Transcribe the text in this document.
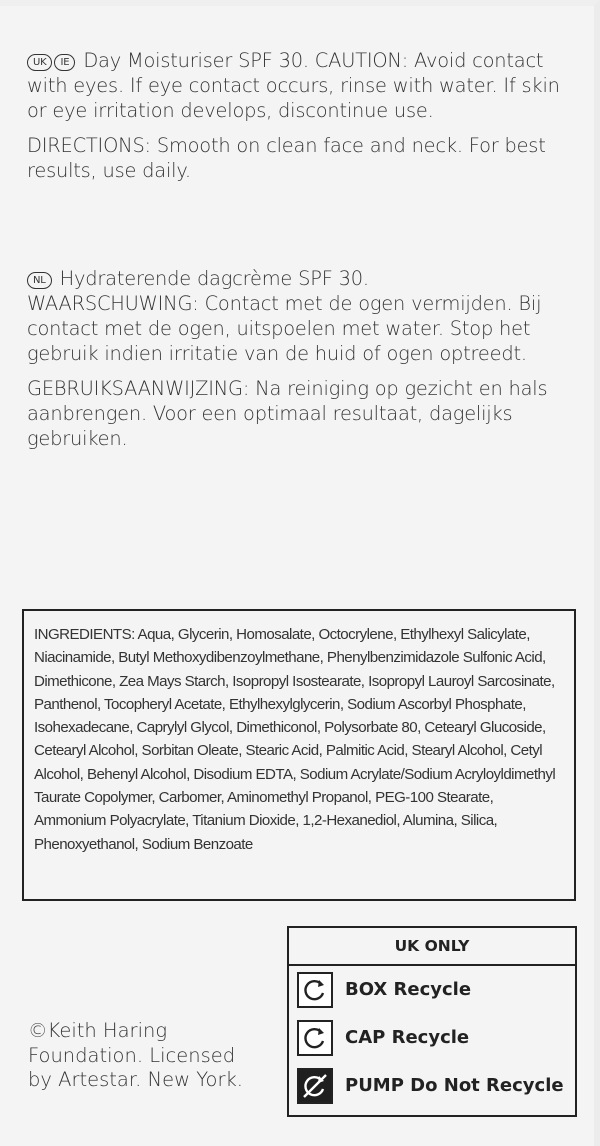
UK IE Day Moisturiser SPF 30. CAUTION: Avoid contact with eyes. If eye contact occurs, rinse with water. If skin or eye irritation develops, discontinue use.

DIRECTIONS: Smooth on clean face and neck. For best results, use daily.

NL Hydraterende dagcrème SPF 30.

WAARSCHUWING: Contact met de ogen vermijden. Bij contact met de ogen, uitspoelen met water. Stop het gebruik indien irritatie van de huid of ogen optreedt.

GEBRUIKSAANWIJZING: Na reiniging op gezicht en hals aanbrengen. Voor een optimaal resultaat, dagelijks gebruiken.

INGREDIENTS: Aqua, Glycerin, Homosalate, Octocrylene, Ethylhexyl Salicylate, Niacinamide, Butyl Methoxydibenzoylmethane, Phenylbenzimidazole Sulfonic Acid, Dimethicone, Zea Mays Starch, Isopropyl Isostearate, Isopropyl Lauroyl Sarcosinate, Panthenol, Tocopheryl Acetate, Ethylhexylglycerin, Sodium Ascorbyl Phosphate, Isohexadecane, Caprylyl Glycol, Dimethiconol, Polysorbate 80, Cetearyl Glucoside, Cetearyl Alcohol, Sorbitan Oleate, Stearic Acid, Palmitic Acid, Stearyl Alcohol, Cetyl Alcohol, Behenyl Alcohol, Disodium EDTA, Sodium Acrylate/Sodium Acryloyldimethyl Taurate Copolymer, Carbomer, Aminomethyl Propanol, PEG-100 Stearate, Ammonium Polyacrylate, Titanium Dioxide, 1,2-Hexanediol, Alumina, Silica, Phenoxyethanol, Sodium Benzoate
©Keith Haring Foundation. Licensed by Artestar. New York.
UK ONLY
BOX Recycle
CAP Recycle
PUMP Do Not Recycle
